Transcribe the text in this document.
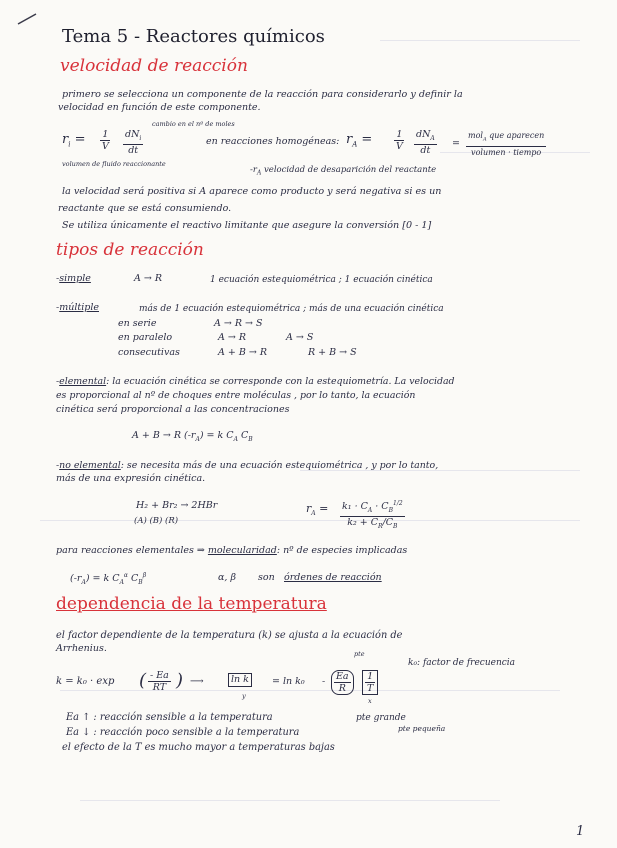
Tema 5 - Reactores químicos
velocidad de reacción
primero se selecciona un componente de la reacción para considerarlo y definir la
velocidad en función de este componente.
$r_i = \frac{1}{V} dN_i$
dt
cambio en el nº de moles
volumen de fluido reaccionante
en reacciones homogéneas: $r_A = \frac{1}{V} dN_A$
dt
=
mol$_A$ que aparecen
volumen · tiempo
$-r_A$ velocidad de desaparición del reactante
la velocidad será positiva si A aparece como producto y será negativa si es un
reactante que se está consumiendo.
Se utiliza únicamente el reactivo limitante que asegure la conversión [0 - 1]
tipos de reacción
-simple	A → R	1 ecuación estequiométrica ; 1 ecuación cinética
-múltiple	más de 1 ecuación estequiométrica ; más de una ecuación cinética
en serie	A → R → S
en paralelo	A → R	A → S
consecutivas	A + B → R	R + B → S
-elemental: la ecuación cinética se corresponde con la estequiometría. La velocidad
es proporcional al nº de choques entre moléculas , por lo tanto, la ecuación
cinética será proporcional a las concentraciones
A + B → R $(-r_A) = k$ $C_A$ $C_B$
-no elemental: se necesita más de una ecuación estequiométrica , y por lo tanto,
más de una expresión cinética.
H₂ + Br₂ → 2HBr
(A) (B) (R)
$r_A = \frac{k_1 \cdot C_A \cdot C_B^{1/2}}{k_2 + C_R/C_B}$
para reacciones elementales ⇒ molecularidad: nº de especies implicadas
$(-r_A) = k$ $C_A^\alpha$ $C_B^\beta$	α, β son órdenes de reacción
dependencia de la temperatura
el factor dependiente de la temperatura (k) se ajusta a la ecuación de
Arrhenius.	pte
k₀: factor de frecuencia
k = k₀ · exp ( $\frac{- Ea}{RT}$ ) ⟶	ln k	= $\ln k_0 - \frac{Ea}{R} \frac{1}{T}$
y
x
Ea ↑ : reacción sensible a la temperatura	pte grande
Ea ↓ : reacción poco sensible a la temperatura	pte pequeña
el efecto de la T es mucho mayor a temperaturas bajas
1
